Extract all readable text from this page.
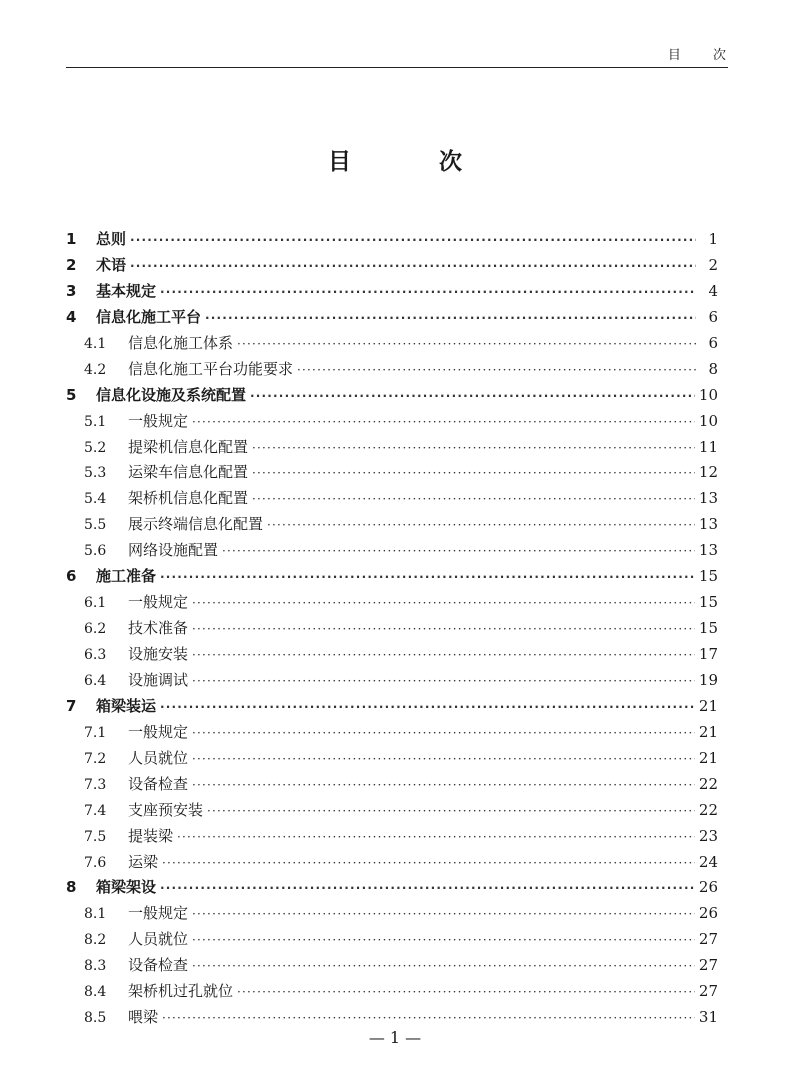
目 次
目 次
1	总则 ·····	1
2	术语 ·····	2
3	基本规定 ·····	4
4	信息化施工平台 ·····	6
4.1	信息化施工体系 ·····	6
4.2	信息化施工平台功能要求 ·····	8
5	信息化设施及系统配置 ·····	10
5.1	一般规定 ·····	10
5.2	提梁机信息化配置 ·····	11
5.3	运梁车信息化配置 ·····	12
5.4	架桥机信息化配置 ·····	13
5.5	展示终端信息化配置 ·····	13
5.6	网络设施配置 ·····	13
6	施工准备 ·····	15
6.1	一般规定 ·····	15
6.2	技术准备 ·····	15
6.3	设施安装 ·····	17
6.4	设施调试 ·····	19
7	箱梁装运 ·····	21
7.1	一般规定 ·····	21
7.2	人员就位 ·····	21
7.3	设备检查 ·····	22
7.4	支座预安装 ·····	22
7.5	提装梁 ·····	23
7.6	运梁 ·····	24
8	箱梁架设 ·····	26
8.1	一般规定 ·····	26
8.2	人员就位 ·····	27
8.3	设备检查 ·····	27
8.4	架桥机过孔就位 ·····	27
8.5	喂梁 ·····	31
— 1 —
